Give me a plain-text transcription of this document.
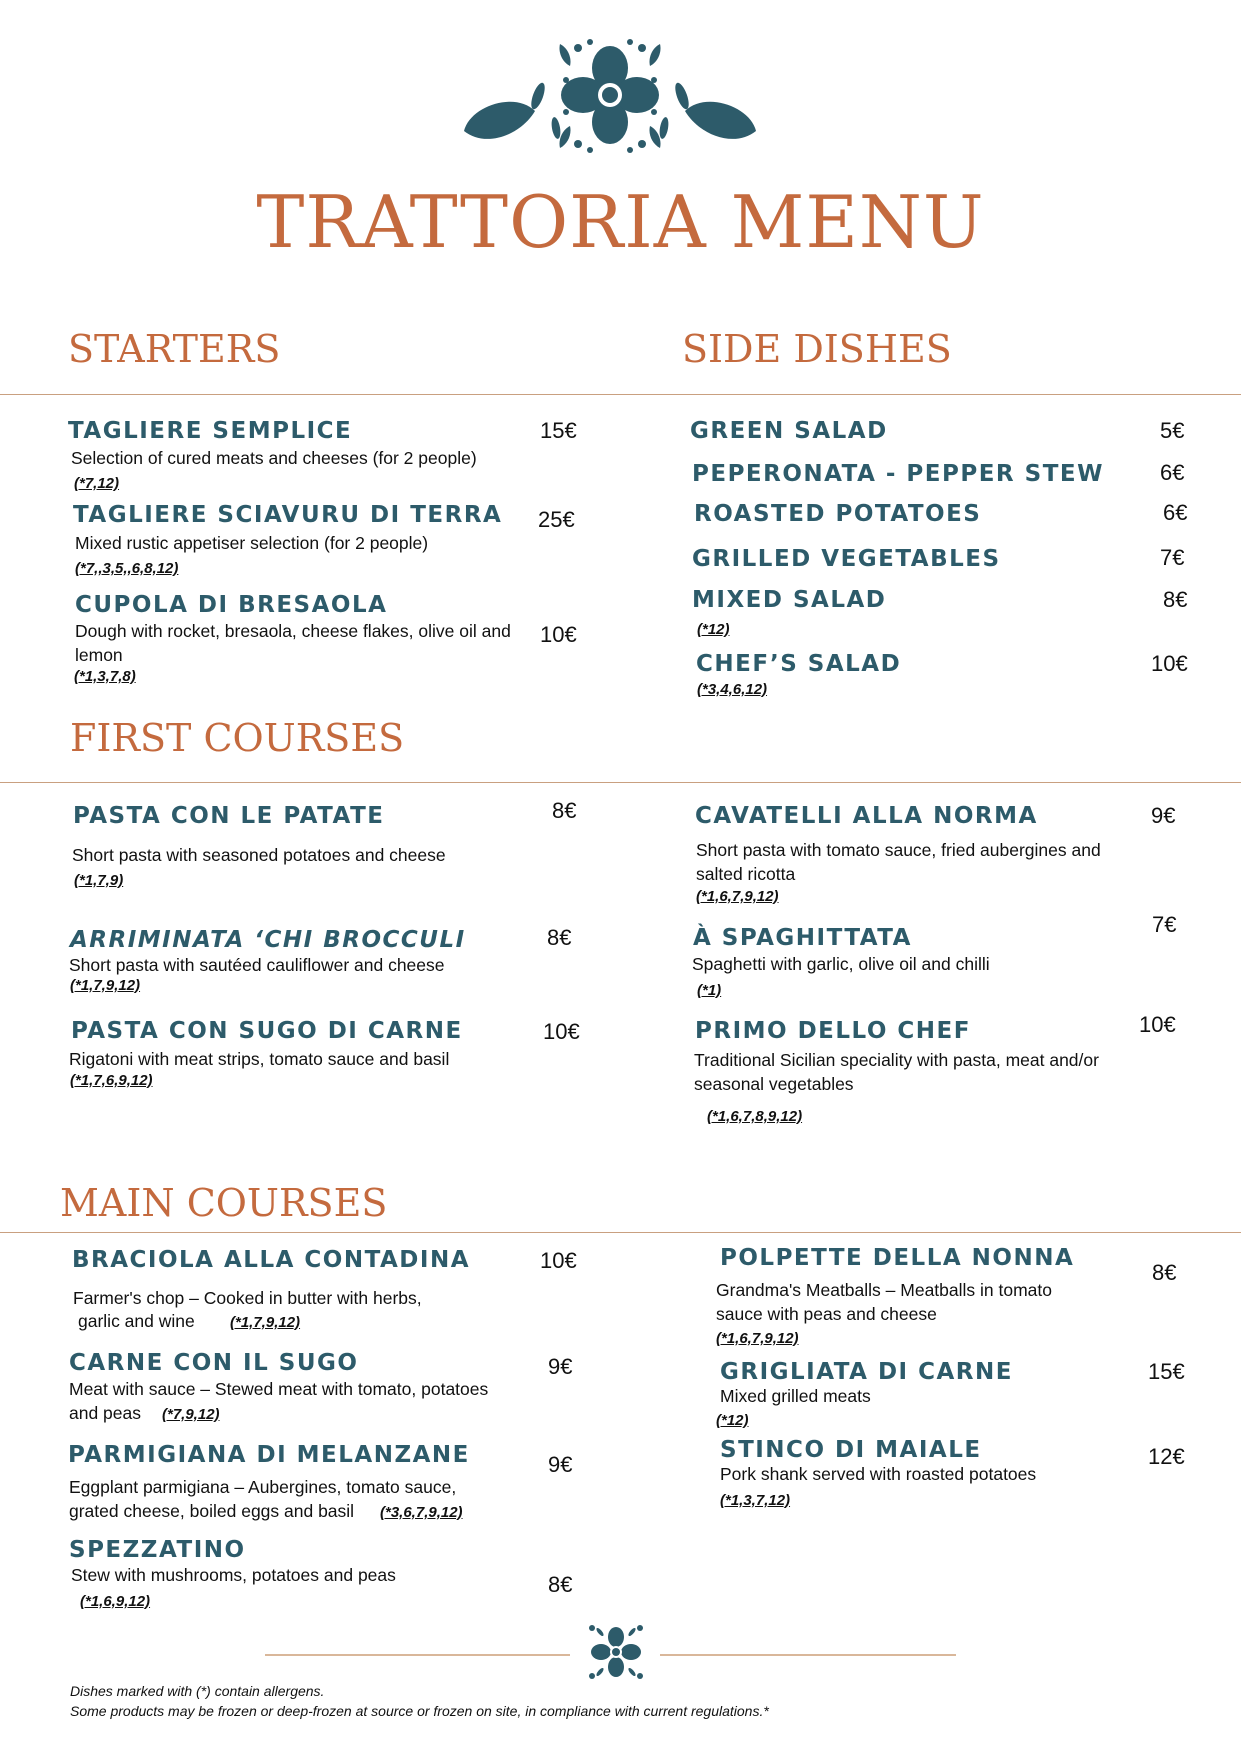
TRATTORIA MENU
STARTERS	SIDE DISHES
TAGLIERE SEMPLICE
Selection of cured meats and cheeses (for 2 people)
(*7,12)
15€
TAGLIERE SCIAVURU DI TERRA
Mixed rustic appetiser selection (for 2 people)
(*7,,3,5,,6,8,12)
25€
CUPOLA DI BRESAOLA
Dough with rocket, bresaola, cheese flakes, olive oil and lemon
(*1,3,7,8)
10€
GREEN SALAD	5€
PEPERONATA - PEPPER STEW	6€
ROASTED POTATOES	6€
GRILLED VEGETABLES	7€
MIXED SALAD
(*12)
8€
CHEF’S SALAD
(*3,4,6,12)
10€
FIRST COURSES
PASTA CON LE PATATE
Short pasta with seasoned potatoes and cheese
(*1,7,9)
8€
ARRIMINATA ‘CHI BROCCULI
Short pasta with sautéed cauliflower and cheese
(*1,7,9,12)
8€
PASTA CON SUGO DI CARNE
Rigatoni with meat strips, tomato sauce and basil
(*1,7,6,9,12)
10€
CAVATELLI ALLA NORMA
Short pasta with tomato sauce, fried aubergines and salted ricotta
(*1,6,7,9,12)
9€
À SPAGHITTATA
Spaghetti with garlic, olive oil and chilli
(*1)
7€
PRIMO DELLO CHEF
Traditional Sicilian speciality with pasta, meat and/or seasonal vegetables
(*1,6,7,8,9,12)
10€
MAIN COURSES
BRACIOLA ALLA CONTADINA
Farmer's chop – Cooked in butter with herbs,
garlic and wine (*1,7,9,12)
10€
CARNE CON IL SUGO
Meat with sauce – Stewed meat with tomato, potatoes
and peas (*7,9,12)
9€
PARMIGIANA DI MELANZANE
Eggplant parmigiana – Aubergines, tomato sauce,
grated cheese, boiled eggs and basil (*3,6,7,9,12)
9€
SPEZZATINO
Stew with mushrooms, potatoes and peas
(*1,6,9,12)
8€
POLPETTE DELLA NONNA
Grandma's Meatballs – Meatballs in tomato
sauce with peas and cheese
(*1,6,7,9,12)
8€
GRIGLIATA DI CARNE
Mixed grilled meats
(*12)
15€
STINCO DI MAIALE
Pork shank served with roasted potatoes
(*1,3,7,12)
12€
Dishes marked with (*) contain allergens.
Some products may be frozen or deep-frozen at source or frozen on site, in compliance with current regulations.*
